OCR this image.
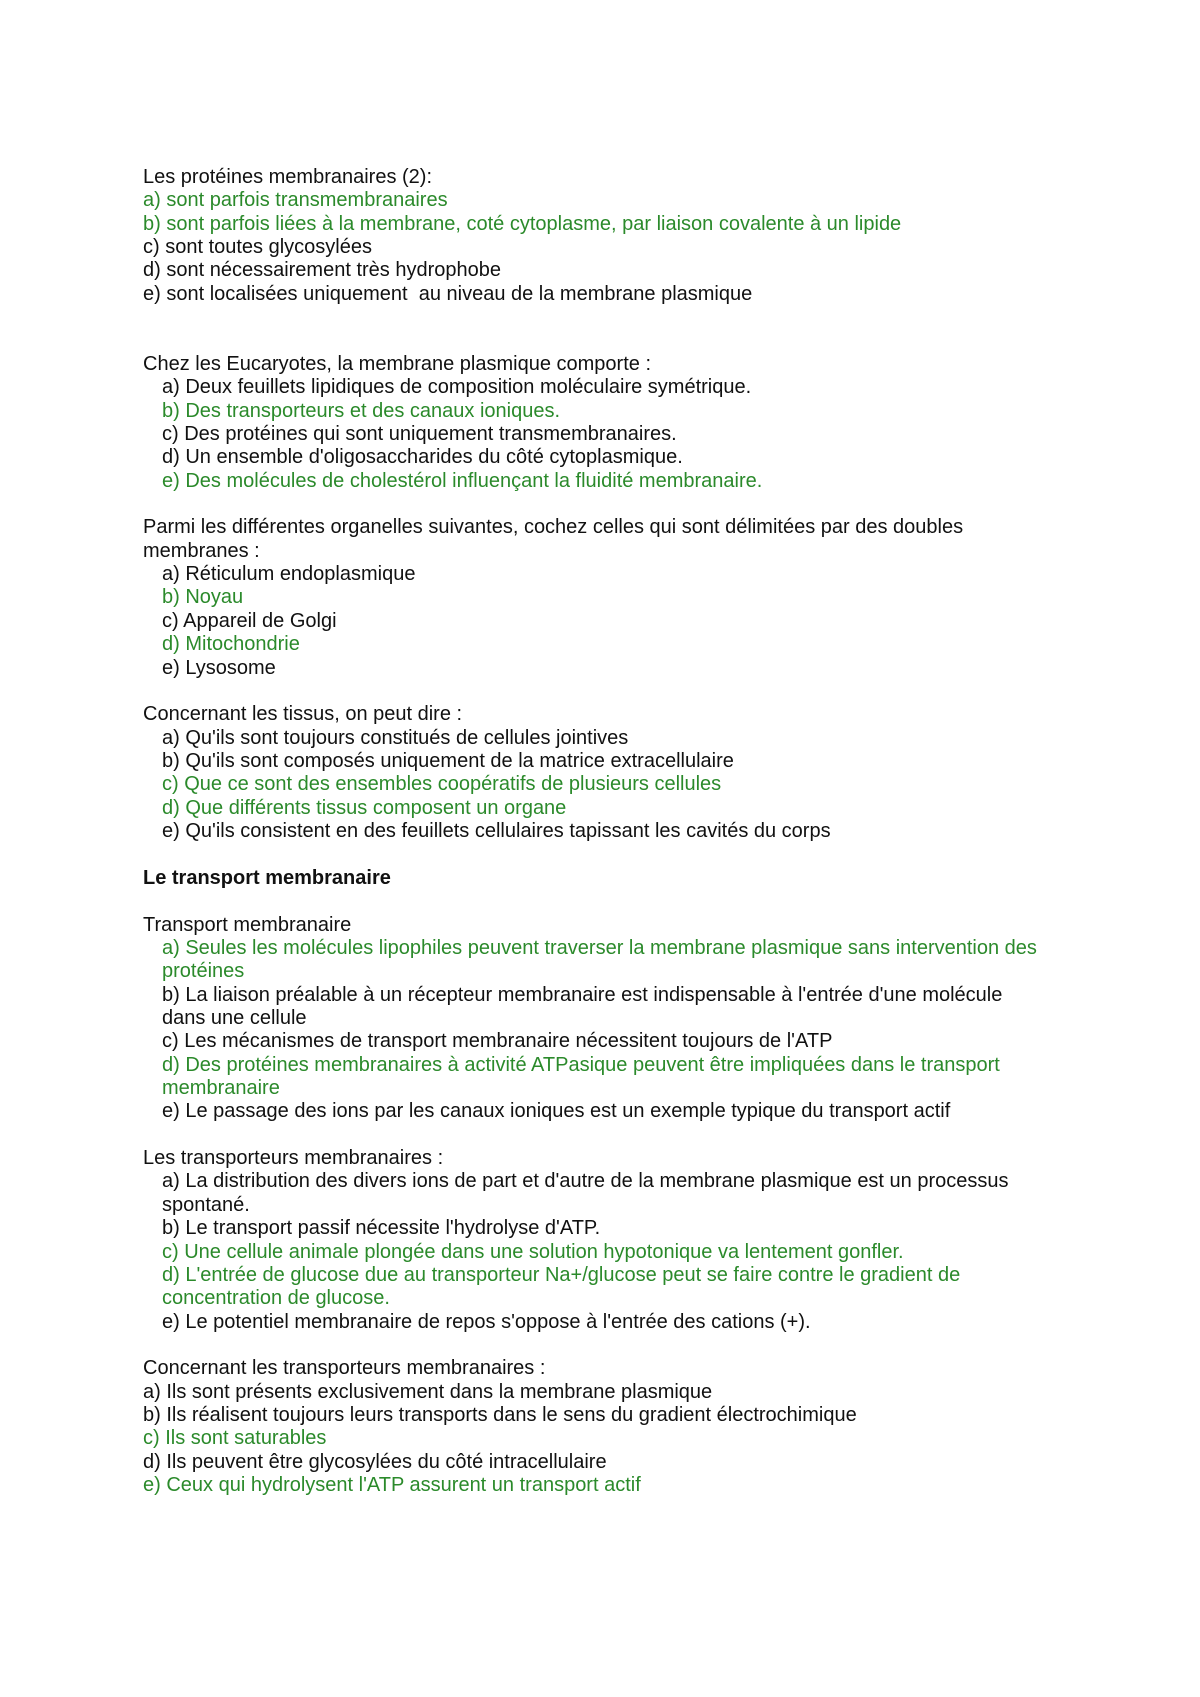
Les protéines membranaires (2):
a) sont parfois transmembranaires
b) sont parfois liées à la membrane, coté cytoplasme, par liaison covalente à un lipide
c) sont toutes glycosylées
d) sont nécessairement très hydrophobe
e) sont localisées uniquement  au niveau de la membrane plasmique
Chez les Eucaryotes, la membrane plasmique comporte :
a) Deux feuillets lipidiques de composition moléculaire symétrique.
b) Des transporteurs et des canaux ioniques.
c) Des protéines qui sont uniquement transmembranaires.
d) Un ensemble d'oligosaccharides du côté cytoplasmique.
e) Des molécules de cholestérol influençant la fluidité membranaire.
Parmi les différentes organelles suivantes, cochez celles qui sont délimitées par des doubles
membranes :
a) Réticulum endoplasmique
b) Noyau
c) Appareil de Golgi
d) Mitochondrie
e) Lysosome
Concernant les tissus, on peut dire :
a) Qu'ils sont toujours constitués de cellules jointives
b) Qu'ils sont composés uniquement de la matrice extracellulaire
c) Que ce sont des ensembles coopératifs de plusieurs cellules
d) Que différents tissus composent un organe
e) Qu'ils consistent en des feuillets cellulaires tapissant les cavités du corps
Le transport membranaire
Transport membranaire
a) Seules les molécules lipophiles peuvent traverser la membrane plasmique sans intervention des
protéines
b) La liaison préalable à un récepteur membranaire est indispensable à l'entrée d'une molécule
dans une cellule
c) Les mécanismes de transport membranaire nécessitent toujours de l'ATP
d) Des protéines membranaires à activité ATPasique peuvent être impliquées dans le transport
membranaire
e) Le passage des ions par les canaux ioniques est un exemple typique du transport actif
Les transporteurs membranaires :
a) La distribution des divers ions de part et d'autre de la membrane plasmique est un processus
spontané.
b) Le transport passif nécessite l'hydrolyse d'ATP.
c) Une cellule animale plongée dans une solution hypotonique va lentement gonfler.
d) L'entrée de glucose due au transporteur Na+/glucose peut se faire contre le gradient de
concentration de glucose.
e) Le potentiel membranaire de repos s'oppose à l'entrée des cations (+).
Concernant les transporteurs membranaires :
a) Ils sont présents exclusivement dans la membrane plasmique
b) Ils réalisent toujours leurs transports dans le sens du gradient électrochimique
c) Ils sont saturables
d) Ils peuvent être glycosylées du côté intracellulaire
e) Ceux qui hydrolysent l'ATP assurent un transport actif
